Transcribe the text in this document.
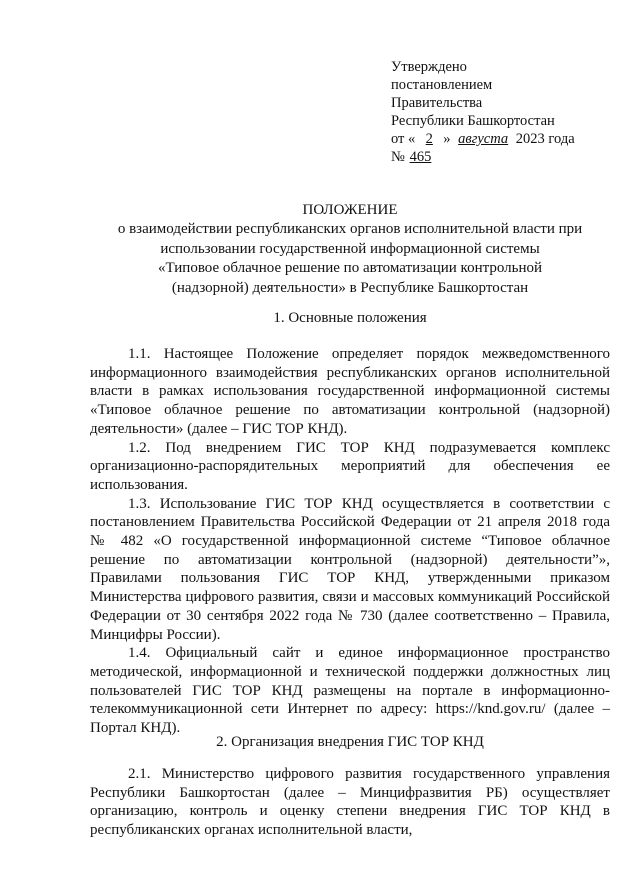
Утверждено
постановлением
Правительства
Республики Башкортостан
от « 2 » августа 2023 года
№ 465
ПОЛОЖЕНИЕ
о взаимодействии республиканских органов исполнительной власти при
использовании государственной информационной системы
«Типовое облачное решение по автоматизации контрольной
(надзорной) деятельности» в Республике Башкортостан
1. Основные положения

1.1. Настоящее Положение определяет порядок межведомственного информационного взаимодействия республиканских органов исполнительной власти в рамках использования государственной информационной системы «Типовое облачное решение по автоматизации контрольной (надзорной) деятельности» (далее – ГИС ТОР КНД).

1.2. Под внедрением ГИС ТОР КНД подразумевается комплекс организационно-распорядительных мероприятий для обеспечения ее использования.

1.3. Использование ГИС ТОР КНД осуществляется в соответствии с постановлением Правительства Российской Федерации от 21 апреля 2018 года № 482 «О государственной информационной системе “Типовое облачное решение по автоматизации контрольной (надзорной) деятельности”», Правилами пользования ГИС ТОР КНД, утвержденными приказом Министерства цифрового развития, связи и массовых коммуникаций Российской Федерации от 30 сентября 2022 года № 730 (далее соответственно – Правила, Минцифры России).

1.4. Официальный сайт и единое информационное пространство методической, информационной и технической поддержки должностных лиц пользователей ГИС ТОР КНД размещены на портале в информационно-телекоммуникационной сети Интернет по адресу: https://knd.gov.ru/ (далее – Портал КНД).

2. Организация внедрения ГИС ТОР КНД

2.1. Министерство цифрового развития государственного управления Республики Башкортостан (далее – Минцифразвития РБ) осуществляет организацию, контроль и оценку степени внедрения ГИС ТОР КНД в республиканских органах исполнительной власти,
